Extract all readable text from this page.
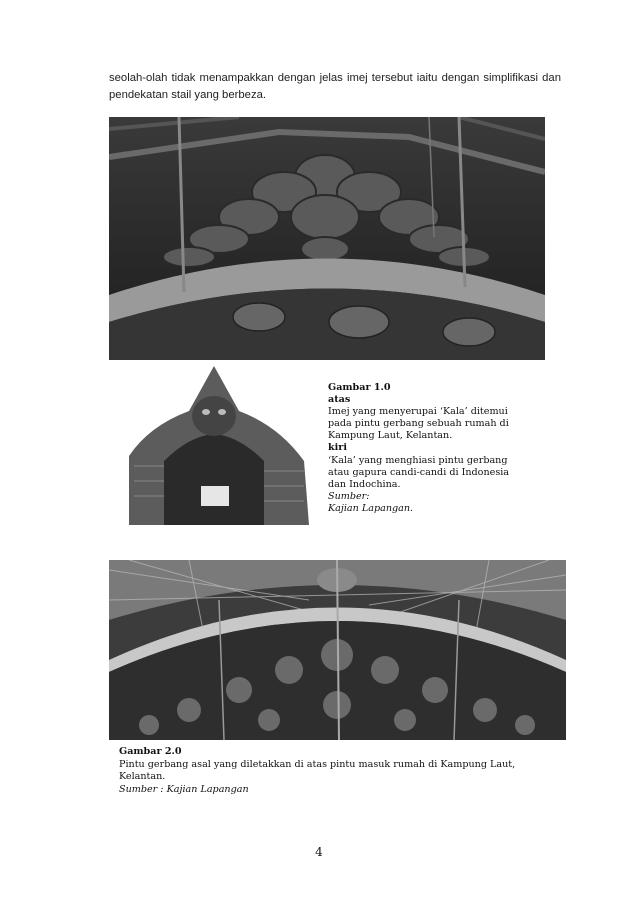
seolah-olah tidak menampakkan dengan jelas imej tersebut iaitu dengan simplifikasi dan pendekatan stail yang berbeza.
Gambar 1.0
atas
Imej yang menyerupai ‘Kala’ ditemui pada pintu gerbang sebuah rumah di Kampung Laut, Kelantan.
kiri
‘Kala’ yang menghiasi pintu gerbang atau gapura candi-candi di Indonesia dan Indochina.
Sumber:
Kajian Lapangan.
Gambar 2.0
Pintu gerbang asal yang diletakkan di atas pintu masuk rumah di Kampung Laut, Kelantan.
Sumber : Kajian Lapangan
4
